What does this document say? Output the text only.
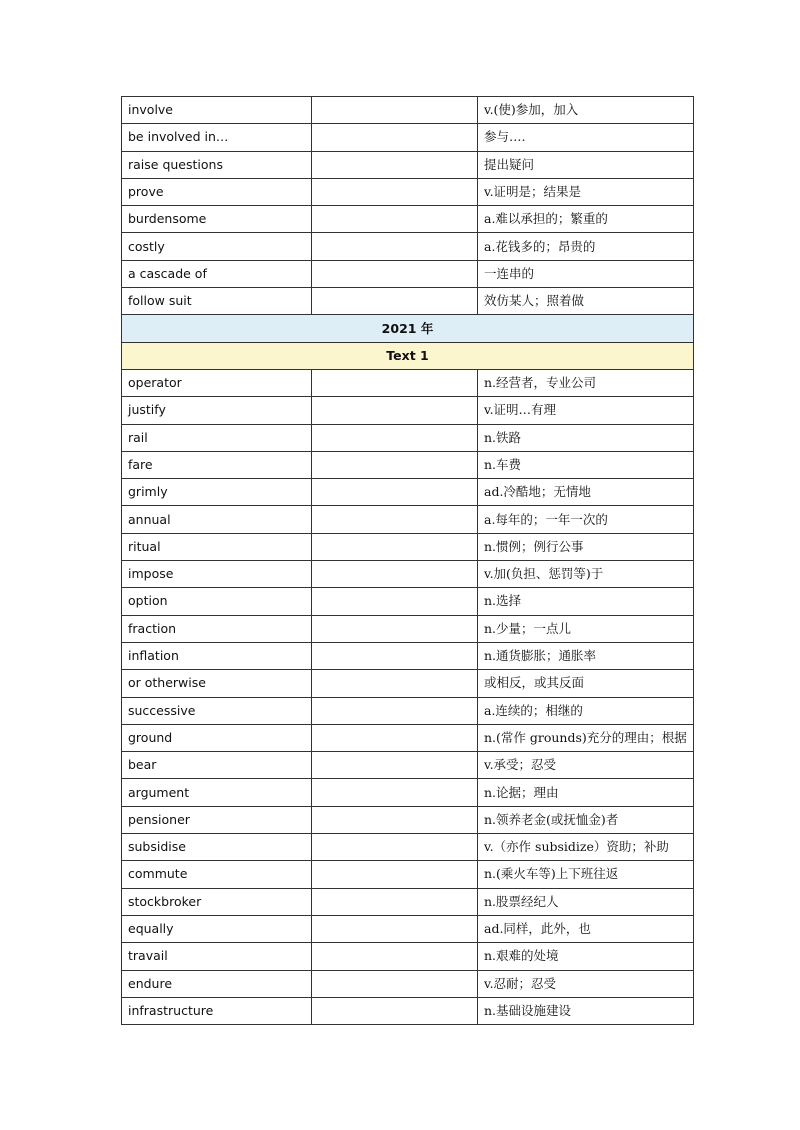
involve		v.(使)参加，加入
be involved in…		参与….
raise questions		提出疑问
prove		v.证明是；结果是
burdensome		a.难以承担的；繁重的
costly		a.花钱多的；昂贵的
a cascade of		一连串的
follow suit		效仿某人；照着做
2021 年		
Text 1		
operator		n.经营者，专业公司
justify		v.证明…有理
rail		n.铁路
fare		n.车费
grimly		ad.冷酷地；无情地
annual		a.每年的；一年一次的
ritual		n.惯例；例行公事
impose		v.加(负担、惩罚等)于
option		n.选择
fraction		n.少量；一点儿
inflation		n.通货膨胀；通胀率
or otherwise		或相反，或其反面
successive		a.连续的；相继的
ground		n.(常作 grounds)充分的理由；根据
bear		v.承受；忍受
argument		n.论据；理由
pensioner		n.领养老金(或抚恤金)者
subsidise		v.（亦作 subsidize）资助；补助
commute		n.(乘火车等)上下班往返
stockbroker		n.股票经纪人
equally		ad.同样，此外，也
travail		n.艰难的处境
endure		v.忍耐；忍受
infrastructure		n.基础设施建设
